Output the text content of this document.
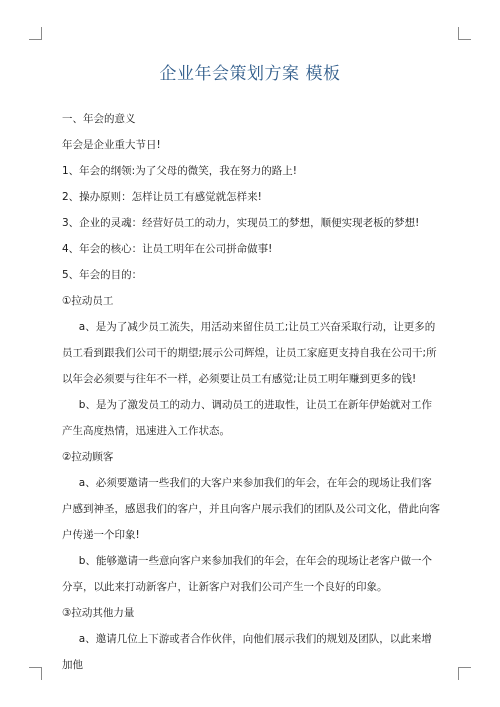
企业年会策划方案 模板

一、年会的意义

年会是企业重大节日!

1、年会的纲领:为了父母的微笑，我在努力的路上!

2、操办原则：怎样让员工有感觉就怎样来!

3、企业的灵魂：经营好员工的动力，实现员工的梦想，顺便实现老板的梦想!

4、年会的核心：让员工明年在公司拼命做事!

5、年会的目的：

①拉动员工

a、是为了减少员工流失，用活动来留住员工;让员工兴奋采取行动，让更多的员工看到跟我们公司干的期望;展示公司辉煌，让员工家庭更支持自我在公司干;所以年会必须要与往年不一样，必须要让员工有感觉;让员工明年赚到更多的钱!

b、是为了激发员工的动力、调动员工的进取性，让员工在新年伊始就对工作产生高度热情，迅速进入工作状态。

②拉动顾客

a、必须要邀请一些我们的大客户来参加我们的年会，在年会的现场让我们客户感到神圣，感恩我们的客户，并且向客户展示我们的团队及公司文化，借此向客户传递一个印象!

b、能够邀请一些意向客户来参加我们的年会，在年会的现场让老客户做一个分享，以此来打动新客户，让新客户对我们公司产生一个良好的印象。

③拉动其他力量

a、邀请几位上下游或者合作伙伴，向他们展示我们的规划及团队，以此来增加他
